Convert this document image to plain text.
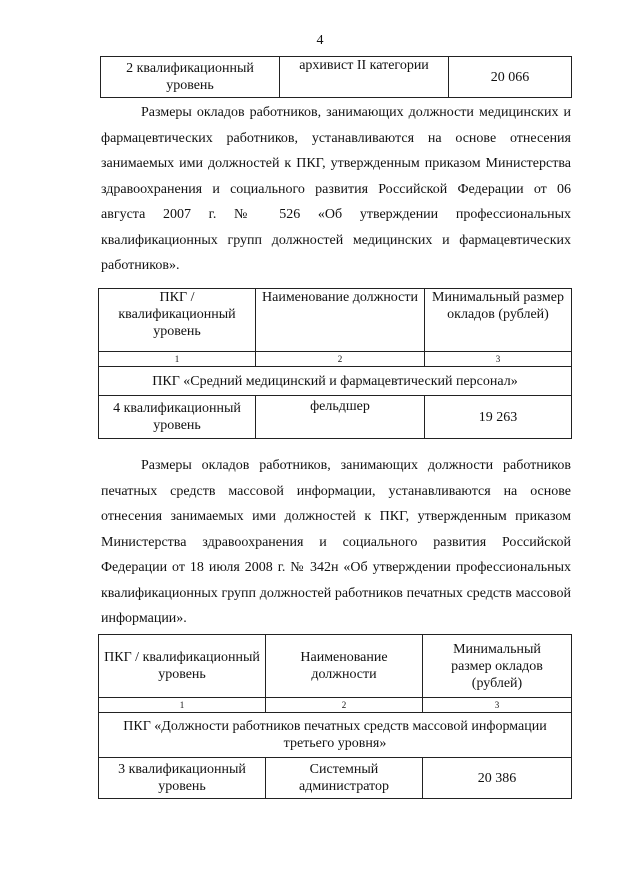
4
2 квалификационный уровень	архивист II категории	20 066

Размеры окладов работников, занимающих должности медицинских и фармацевтических работников, устанавливаются на основе отнесения занимаемых ими должностей к ПКГ, утвержденным приказом Министерства здравоохранения и социального развития Российской Федерации от 06 августа 2007 г. № 526 «Об утверждении профессиональных квалификационных групп должностей медицинских и фармацевтических работников».

ПКГ / квалификационный уровень	Наименование должности	Минимальный размер окладов (рублей)
1	2	3
ПКГ «Средний медицинский и фармацевтический персонал»		
4 квалификационный уровень	фельдшер	19 263

Размеры окладов работников, занимающих должности работников печатных средств массовой информации, устанавливаются на основе отнесения занимаемых ими должностей к ПКГ, утвержденным приказом Министерства здравоохранения и социального развития Российской Федерации от 18 июля 2008 г. № 342н «Об утверждении профессиональных квалификационных групп должностей работников печатных средств массовой информации».

ПКГ / квалификационный уровень	Наименование должности	Минимальный размер окладов (рублей)
1	2	3
ПКГ «Должности работников печатных средств массовой информации третьего уровня»		
3 квалификационный уровень	Системный администратор	20 386
